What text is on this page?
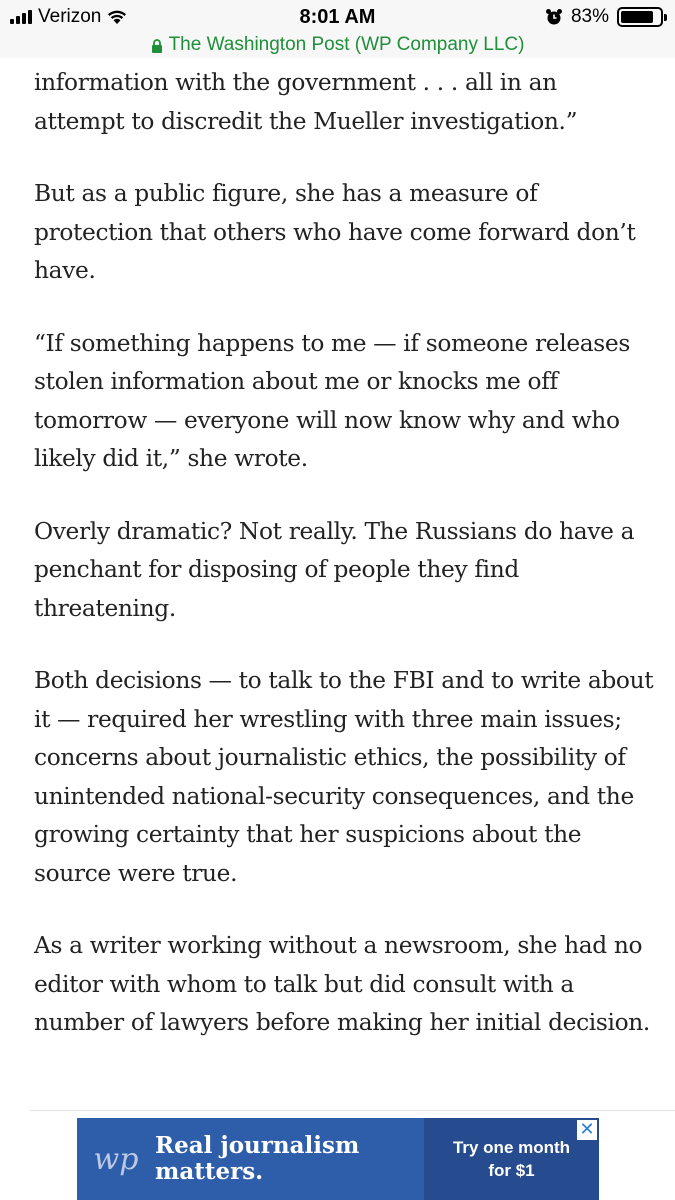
Verizon	8:01 AM	83%
The Washington Post (WP Company LLC)

information with the government . . . all in an attempt to discredit the Mueller investigation.”

But as a public figure, she has a measure of protection that others who have come forward don’t have.

“If something happens to me — if someone releases stolen information about me or knocks me off tomorrow — everyone will now know why and who likely did it,” she wrote.

Overly dramatic? Not really. The Russians do have a penchant for disposing of people they find threatening.

Both decisions — to talk to the FBI and to write about it — required her wrestling with three main issues; concerns about journalistic ethics, the possibility of unintended national-security consequences, and the growing certainty that her suspicions about the source were true.

As a writer working without a newsroom, she had no editor with whom to talk but did consult with a number of lawyers before making her initial decision.

wp Real journalism
matters.
Try one month
for $1
✕
